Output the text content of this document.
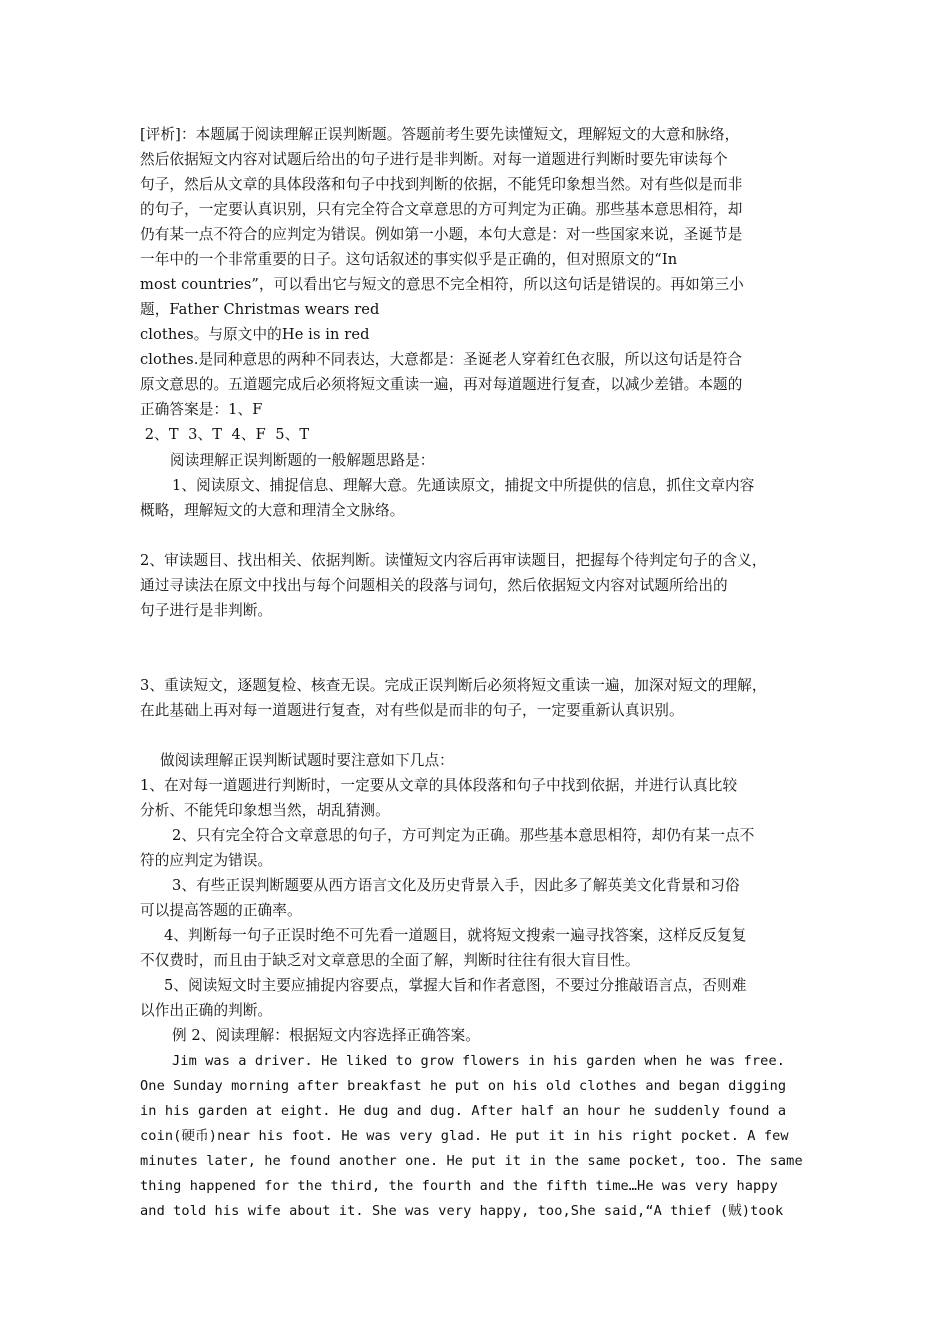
[评析]：本题属于阅读理解正误判断题。答题前考生要先读懂短文，理解短文的大意和脉络，

然后依据短文内容对试题后给出的句子进行是非判断。对每一道题进行判断时要先审读每个

句子，然后从文章的具体段落和句子中找到判断的依据，不能凭印象想当然。对有些似是而非

的句子，一定要认真识别，只有完全符合文章意思的方可判定为正确。那些基本意思相符，却

仍有某一点不符合的应判定为错误。例如第一小题，本句大意是：对一些国家来说，圣诞节是

一年中的一个非常重要的日子。这句话叙述的事实似乎是正确的，但对照原文的“In

most countries”，可以看出它与短文的意思不完全相符，所以这句话是错误的。再如第三小

题，Father Christmas wears red

clothes。与原文中的He is in red

clothes.是同种意思的两种不同表达，大意都是：圣诞老人穿着红色衣服，所以这句话是符合

原文意思的。五道题完成后必须将短文重读一遍，再对每道题进行复查，以减少差错。本题的

正确答案是：1、F

2、T  3、T  4、F  5、T

阅读理解正误判断题的一般解题思路是：

1、阅读原文、捕捉信息、理解大意。先通读原文，捕捉文中所提供的信息，抓住文章内容

概略，理解短文的大意和理清全文脉络。

2、审读题目、找出相关、依据判断。读懂短文内容后再审读题目，把握每个待判定句子的含义，

通过寻读法在原文中找出与每个问题相关的段落与词句，然后依据短文内容对试题所给出的

句子进行是非判断。

3、重读短文，逐题复检、核查无误。完成正误判断后必须将短文重读一遍，加深对短文的理解，

在此基础上再对每一道题进行复查，对有些似是而非的句子，一定要重新认真识别。

做阅读理解正误判断试题时要注意如下几点：

1、在对每一道题进行判断时，一定要从文章的具体段落和句子中找到依据，并进行认真比较

分析、不能凭印象想当然，胡乱猜测。

2、只有完全符合文章意思的句子，方可判定为正确。那些基本意思相符，却仍有某一点不

符的应判定为错误。

3、有些正误判断题要从西方语言文化及历史背景入手，因此多了解英美文化背景和习俗

可以提高答题的正确率。

4、判断每一句子正误时绝不可先看一道题目，就将短文搜索一遍寻找答案，这样反反复复

不仅费时，而且由于缺乏对文章意思的全面了解，判断时往往有很大盲目性。

5、阅读短文时主要应捕捉内容要点，掌握大旨和作者意图，不要过分推敲语言点，否则难

以作出正确的判断。

例 2、阅读理解：根据短文内容选择正确答案。

Jim was a driver. He liked to grow flowers in his garden when he was free.

One Sunday morning after breakfast he put on his old clothes and began digging

in his garden at eight. He dug and dug. After half an hour he suddenly found a

coin(硬币)near his foot. He was very glad. He put it in his right pocket. A few

minutes later, he found another one. He put it in the same pocket, too. The same

thing happened for the third, the fourth and the fifth time…He was very happy

and told his wife about it. She was very happy, too,She said,“A thief (贼)took
